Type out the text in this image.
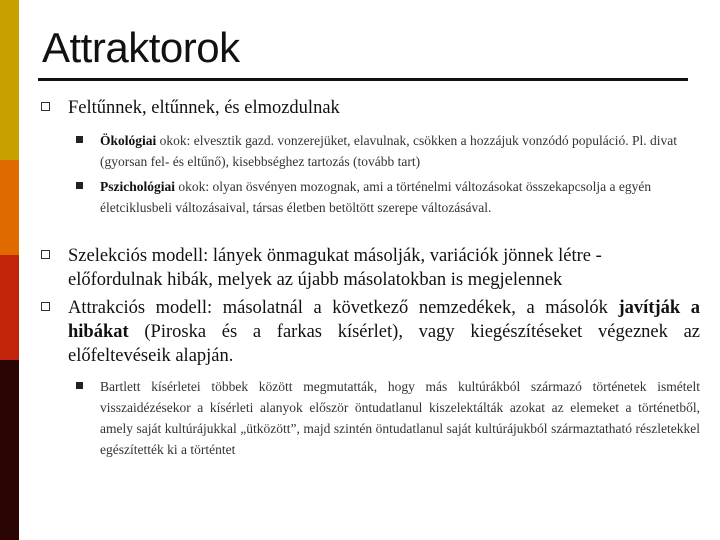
Attraktorok
Feltűnnek, eltűnnek, és elmozdulnak
Ökológiai okok: elvesztik gazd. vonzerejüket, elavulnak, csökken a hozzájuk vonzódó populáció. Pl. divat (gyorsan fel- és eltűnő), kisebbséghez tartozás (tovább tart)
Pszichológiai okok: olyan ösvényen mozognak, ami a történelmi változásokat összekapcsolja a egyén életciklusbeli változásaival, társas életben betöltött szerepe változásával.
Szelekciós modell: lányek önmagukat másolják, variációk jönnek létre - előfordulnak hibák, melyek az újabb másolatokban is megjelennek
Attrakciós modell: másolatnál a következő nemzedékek, a másolók javítják a hibákat (Piroska és a farkas kísérlet), vagy kiegészítéseket végeznek az előfeltevéseik alapján.
Bartlett kísérletei többek között megmutatták, hogy más kultúrákból származó történetek ismételt visszaidézésekor a kísérleti alanyok először öntudatlanul kiszelektálták azokat az elemeket a történetből, amely saját kultúrájukkal „ütközött”, majd szintén öntudatlanul saját kultúrájukból származtatható részletekkel egészítették ki a történtet
